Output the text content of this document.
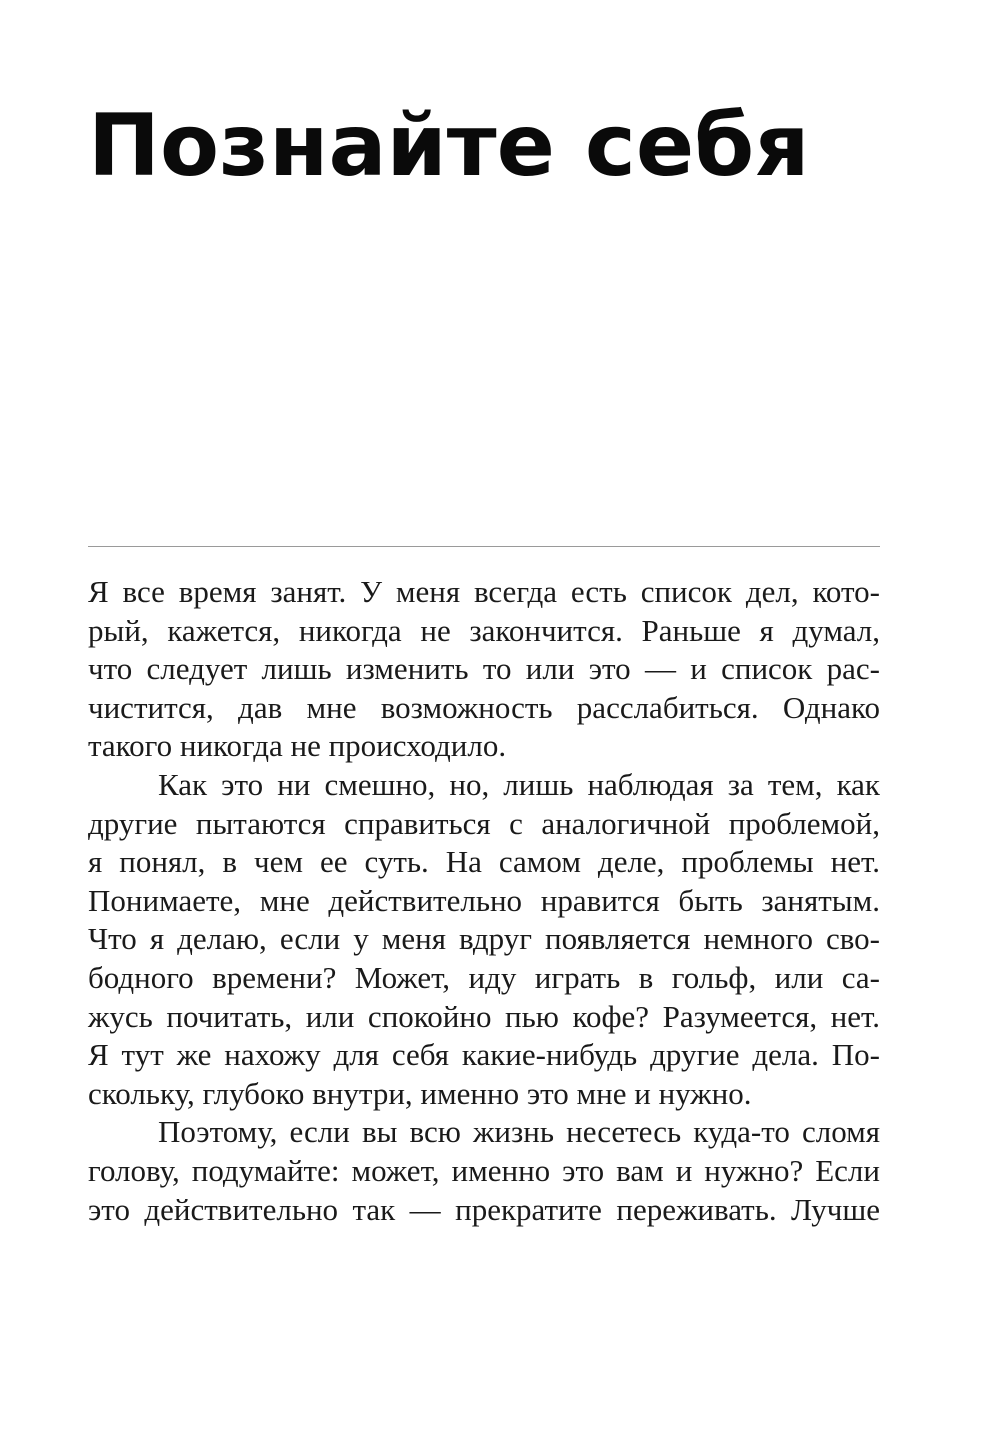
Познайте себя

Я все время занят. У меня всегда есть список дел, кото-
рый, кажется, никогда не закончится. Раньше я думал,
что следует лишь изменить то или это — и список рас-
чистится, дав мне возможность расслабиться. Однако
такого никогда не происходило.

Как это ни смешно, но, лишь наблюдая за тем, как
другие пытаются справиться с аналогичной проблемой,
я понял, в чем ее суть. На самом деле, проблемы нет.
Понимаете, мне действительно нравится быть занятым.
Что я делаю, если у меня вдруг появляется немного сво-
бодного времени? Может, иду играть в гольф, или са-
жусь почитать, или спокойно пью кофе? Разумеется, нет.
Я тут же нахожу для себя какие-нибудь другие дела. По-
скольку, глубоко внутри, именно это мне и нужно.

Поэтому, если вы всю жизнь несетесь куда-то сломя
голову, подумайте: может, именно это вам и нужно? Если
это действительно так — прекратите переживать. Лучше
